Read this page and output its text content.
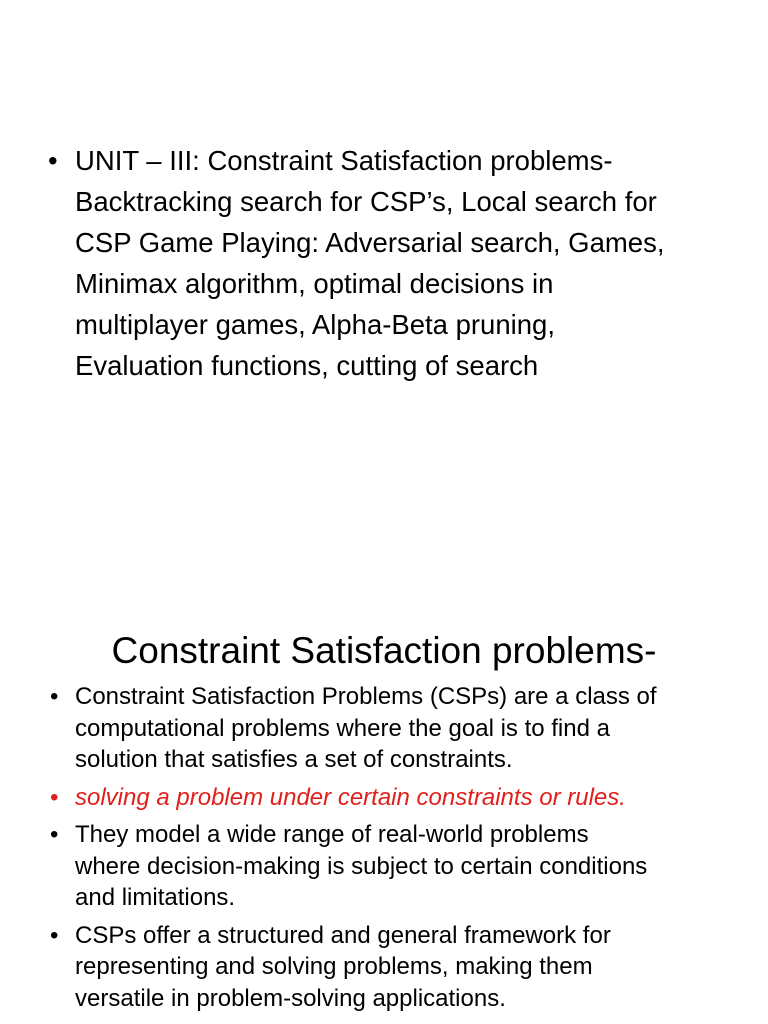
• UNIT – III: Constraint Satisfaction problems-
Backtracking search for CSP’s, Local search for
CSP Game Playing: Adversarial search, Games,
Minimax algorithm, optimal decisions in
multiplayer games, Alpha-Beta pruning,
Evaluation functions, cutting of search
Constraint Satisfaction problems-
• Constraint Satisfaction Problems (CSPs) are a class of
computational problems where the goal is to find a
solution that satisfies a set of constraints.
• solving a problem under certain constraints or rules.
• They model a wide range of real-world problems
where decision-making is subject to certain conditions
and limitations.
• CSPs offer a structured and general framework for
representing and solving problems, making them
versatile in problem-solving applications.
